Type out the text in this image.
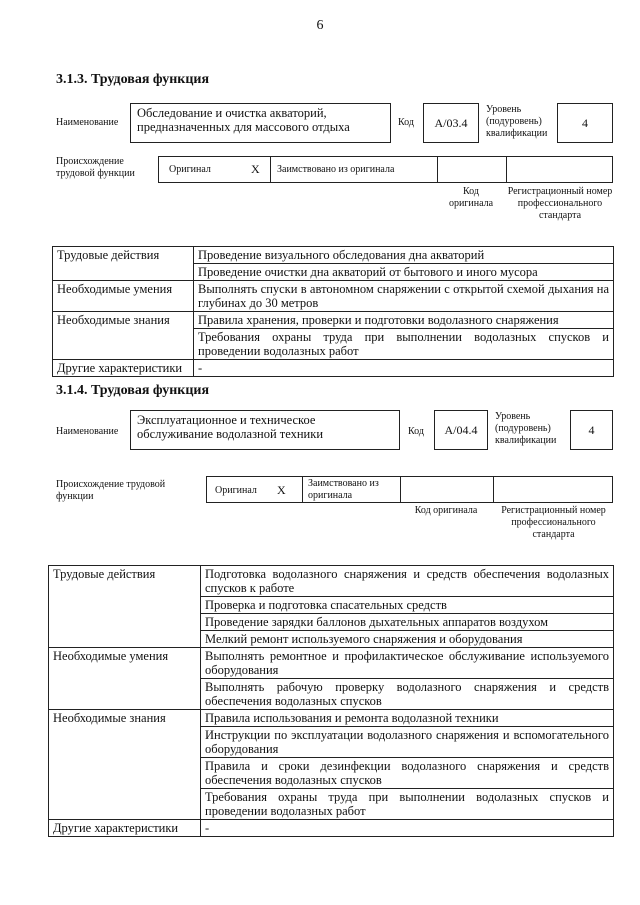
6
3.1.3. Трудовая функция
Наименование
Обследование и очистка акваторий, предназначенных для массового отдыха	Код	A/03.4
Уровень (подуровень) квалификации
4
Происхождение трудовой функции	Оригинал	X Заимствовано из оригинала
Код оригинала
Регистрационный номер профессионального стандарта
Трудовые действия	Проведение визуального обследования дна акваторий
	Проведение очистки дна акваторий от бытового и иного мусора
Необходимые умения	Выполнять спуски в автономном снаряжении с открытой схемой дыхания на глубинах до 30 метров
Необходимые знания	Правила хранения, проверки и подготовки водолазного снаряжения
	Требования охраны труда при выполнении водолазных спусков и проведении водолазных работ
Другие характеристики	-
3.1.4. Трудовая функция
Наименование
Эксплуатационное и техническое обслуживание водолазной техники	Код	A/04.4
Уровень (подуровень) квалификации
4
Происхождение трудовой функции
Оригинал X Заимствовано из оригинала
Код оригинала	Регистрационный номер профессионального стандарта
Трудовые действия	Подготовка водолазного снаряжения и средств обеспечения водолазных спусков к работе
	Проверка и подготовка спасательных средств
	Проведение зарядки баллонов дыхательных аппаратов воздухом
	Мелкий ремонт используемого снаряжения и оборудования
Необходимые умения	Выполнять ремонтное и профилактическое обслуживание используемого оборудования
	Выполнять рабочую проверку водолазного снаряжения и средств обеспечения водолазных спусков
Необходимые знания	Правила использования и ремонта водолазной техники
	Инструкции по эксплуатации водолазного снаряжения и вспомогательного оборудования
	Правила и сроки дезинфекции водолазного снаряжения и средств обеспечения водолазных спусков
	Требования охраны труда при выполнении водолазных спусков и проведении водолазных работ
Другие характеристики	-
